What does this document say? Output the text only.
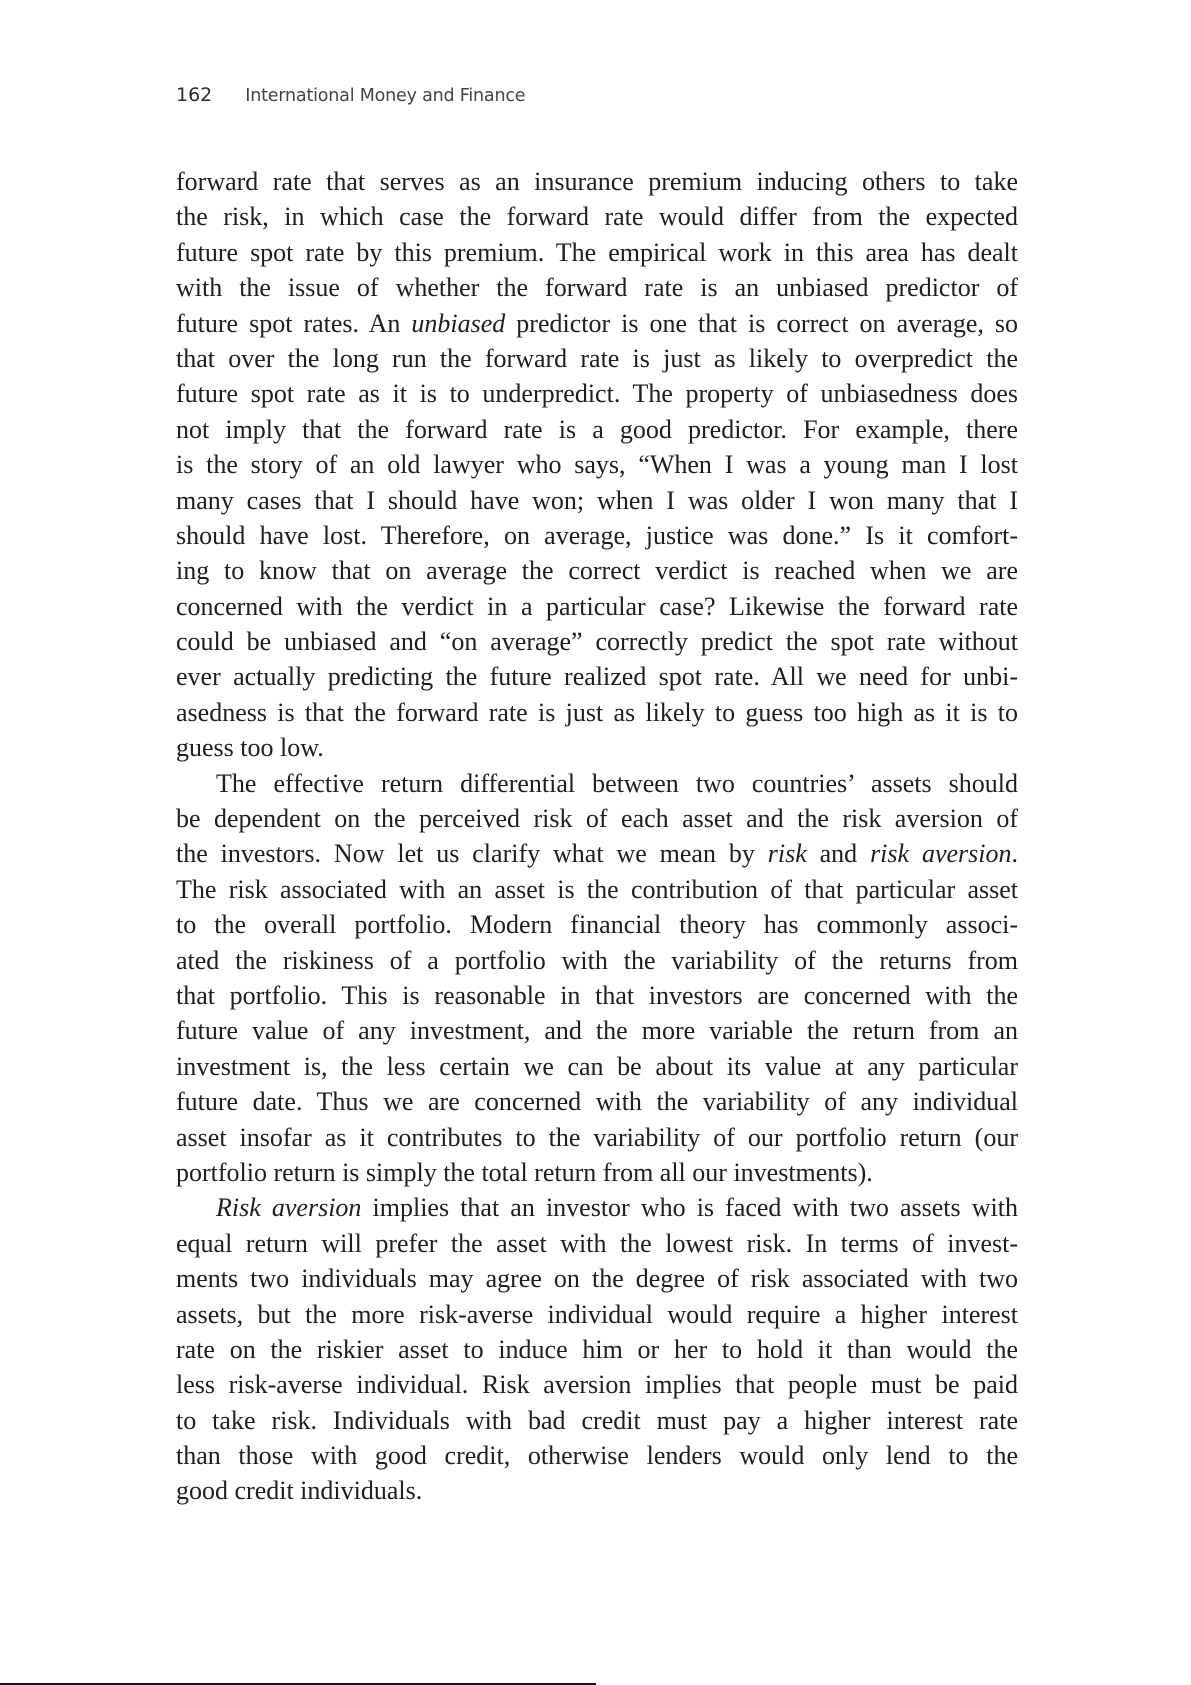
162 International Money and Finance
forward rate that serves as an insurance premium inducing others to take
the risk, in which case the forward rate would differ from the expected
future spot rate by this premium. The empirical work in this area has dealt
with the issue of whether the forward rate is an unbiased predictor of
future spot rates. An unbiased predictor is one that is correct on average, so
that over the long run the forward rate is just as likely to overpredict the
future spot rate as it is to underpredict. The property of unbiasedness does
not imply that the forward rate is a good predictor. For example, there
is the story of an old lawyer who says, “When I was a young man I lost
many cases that I should have won; when I was older I won many that I
should have lost. Therefore, on average, justice was done.” Is it comfort-
ing to know that on average the correct verdict is reached when we are
concerned with the verdict in a particular case? Likewise the forward rate
could be unbiased and “on average” correctly predict the spot rate without
ever actually predicting the future realized spot rate. All we need for unbi-
asedness is that the forward rate is just as likely to guess too high as it is to
guess too low.
The effective return differential between two countries’ assets should
be dependent on the perceived risk of each asset and the risk aversion of
the investors. Now let us clarify what we mean by risk and risk aversion.
The risk associated with an asset is the contribution of that particular asset
to the overall portfolio. Modern financial theory has commonly associ-
ated the riskiness of a portfolio with the variability of the returns from
that portfolio. This is reasonable in that investors are concerned with the
future value of any investment, and the more variable the return from an
investment is, the less certain we can be about its value at any particular
future date. Thus we are concerned with the variability of any individual
asset insofar as it contributes to the variability of our portfolio return (our
portfolio return is simply the total return from all our investments).
Risk aversion implies that an investor who is faced with two assets with
equal return will prefer the asset with the lowest risk. In terms of invest-
ments two individuals may agree on the degree of risk associated with two
assets, but the more risk-averse individual would require a higher interest
rate on the riskier asset to induce him or her to hold it than would the
less risk-averse individual. Risk aversion implies that people must be paid
to take risk. Individuals with bad credit must pay a higher interest rate
than those with good credit, otherwise lenders would only lend to the
good credit individuals.
